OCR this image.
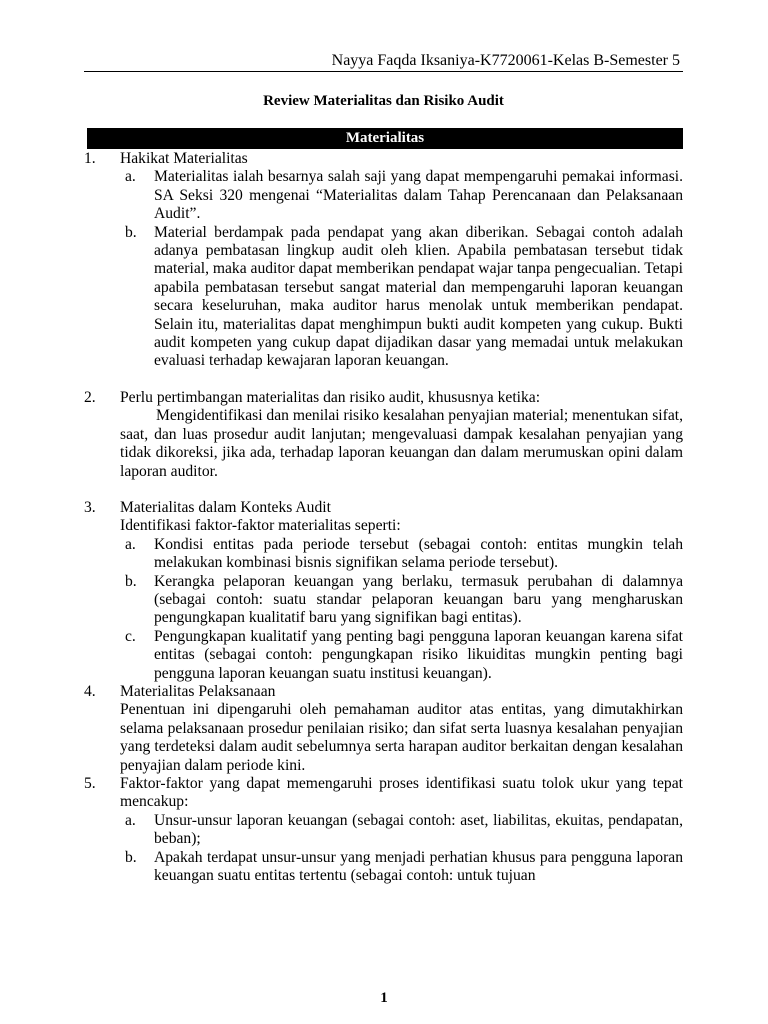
Nayya Faqda Iksaniya-K7720061-Kelas B-Semester 5
Review Materialitas dan Risiko Audit
Materialitas
1.	Hakikat Materialitas
a. Materialitas ialah besarnya salah saji yang dapat mempengaruhi pemakai informasi. SA Seksi 320 mengenai “Materialitas dalam Tahap Perencanaan dan Pelaksanaan Audit”.
b. Material berdampak pada pendapat yang akan diberikan. Sebagai contoh adalah adanya pembatasan lingkup audit oleh klien. Apabila pembatasan tersebut tidak material, maka auditor dapat memberikan pendapat wajar tanpa pengecualian. Tetapi apabila pembatasan tersebut sangat material dan mempengaruhi laporan keuangan secara keseluruhan, maka auditor harus menolak untuk memberikan pendapat. Selain itu, materialitas dapat menghimpun bukti audit kompeten yang cukup. Bukti audit kompeten yang cukup dapat dijadikan dasar yang memadai untuk melakukan evaluasi terhadap kewajaran laporan keuangan.
2.	Perlu pertimbangan materialitas dan risiko audit, khususnya ketika:
Mengidentifikasi dan menilai risiko kesalahan penyajian material; menentukan sifat, saat, dan luas prosedur audit lanjutan; mengevaluasi dampak kesalahan penyajian yang tidak dikoreksi, jika ada, terhadap laporan keuangan dan dalam merumuskan opini dalam laporan auditor.
3.	Materialitas dalam Konteks Audit
Identifikasi faktor-faktor materialitas seperti:
a. Kondisi entitas pada periode tersebut (sebagai contoh: entitas mungkin telah melakukan kombinasi bisnis signifikan selama periode tersebut).
b. Kerangka pelaporan keuangan yang berlaku, termasuk perubahan di dalamnya (sebagai contoh: suatu standar pelaporan keuangan baru yang mengharuskan pengungkapan kualitatif baru yang signifikan bagi entitas).
c. Pengungkapan kualitatif yang penting bagi pengguna laporan keuangan karena sifat entitas (sebagai contoh: pengungkapan risiko likuiditas mungkin penting bagi pengguna laporan keuangan suatu institusi keuangan).
4.	Materialitas Pelaksanaan
Penentuan ini dipengaruhi oleh pemahaman auditor atas entitas, yang dimutakhirkan selama pelaksanaan prosedur penilaian risiko; dan sifat serta luasnya kesalahan penyajian yang terdeteksi dalam audit sebelumnya serta harapan auditor berkaitan dengan kesalahan penyajian dalam periode kini.
5.	Faktor-faktor yang dapat memengaruhi proses identifikasi suatu tolok ukur yang tepat mencakup:
a. Unsur-unsur laporan keuangan (sebagai contoh: aset, liabilitas, ekuitas, pendapatan, beban);
b. Apakah terdapat unsur-unsur yang menjadi perhatian khusus para pengguna laporan keuangan suatu entitas tertentu (sebagai contoh: untuk tujuan
1
